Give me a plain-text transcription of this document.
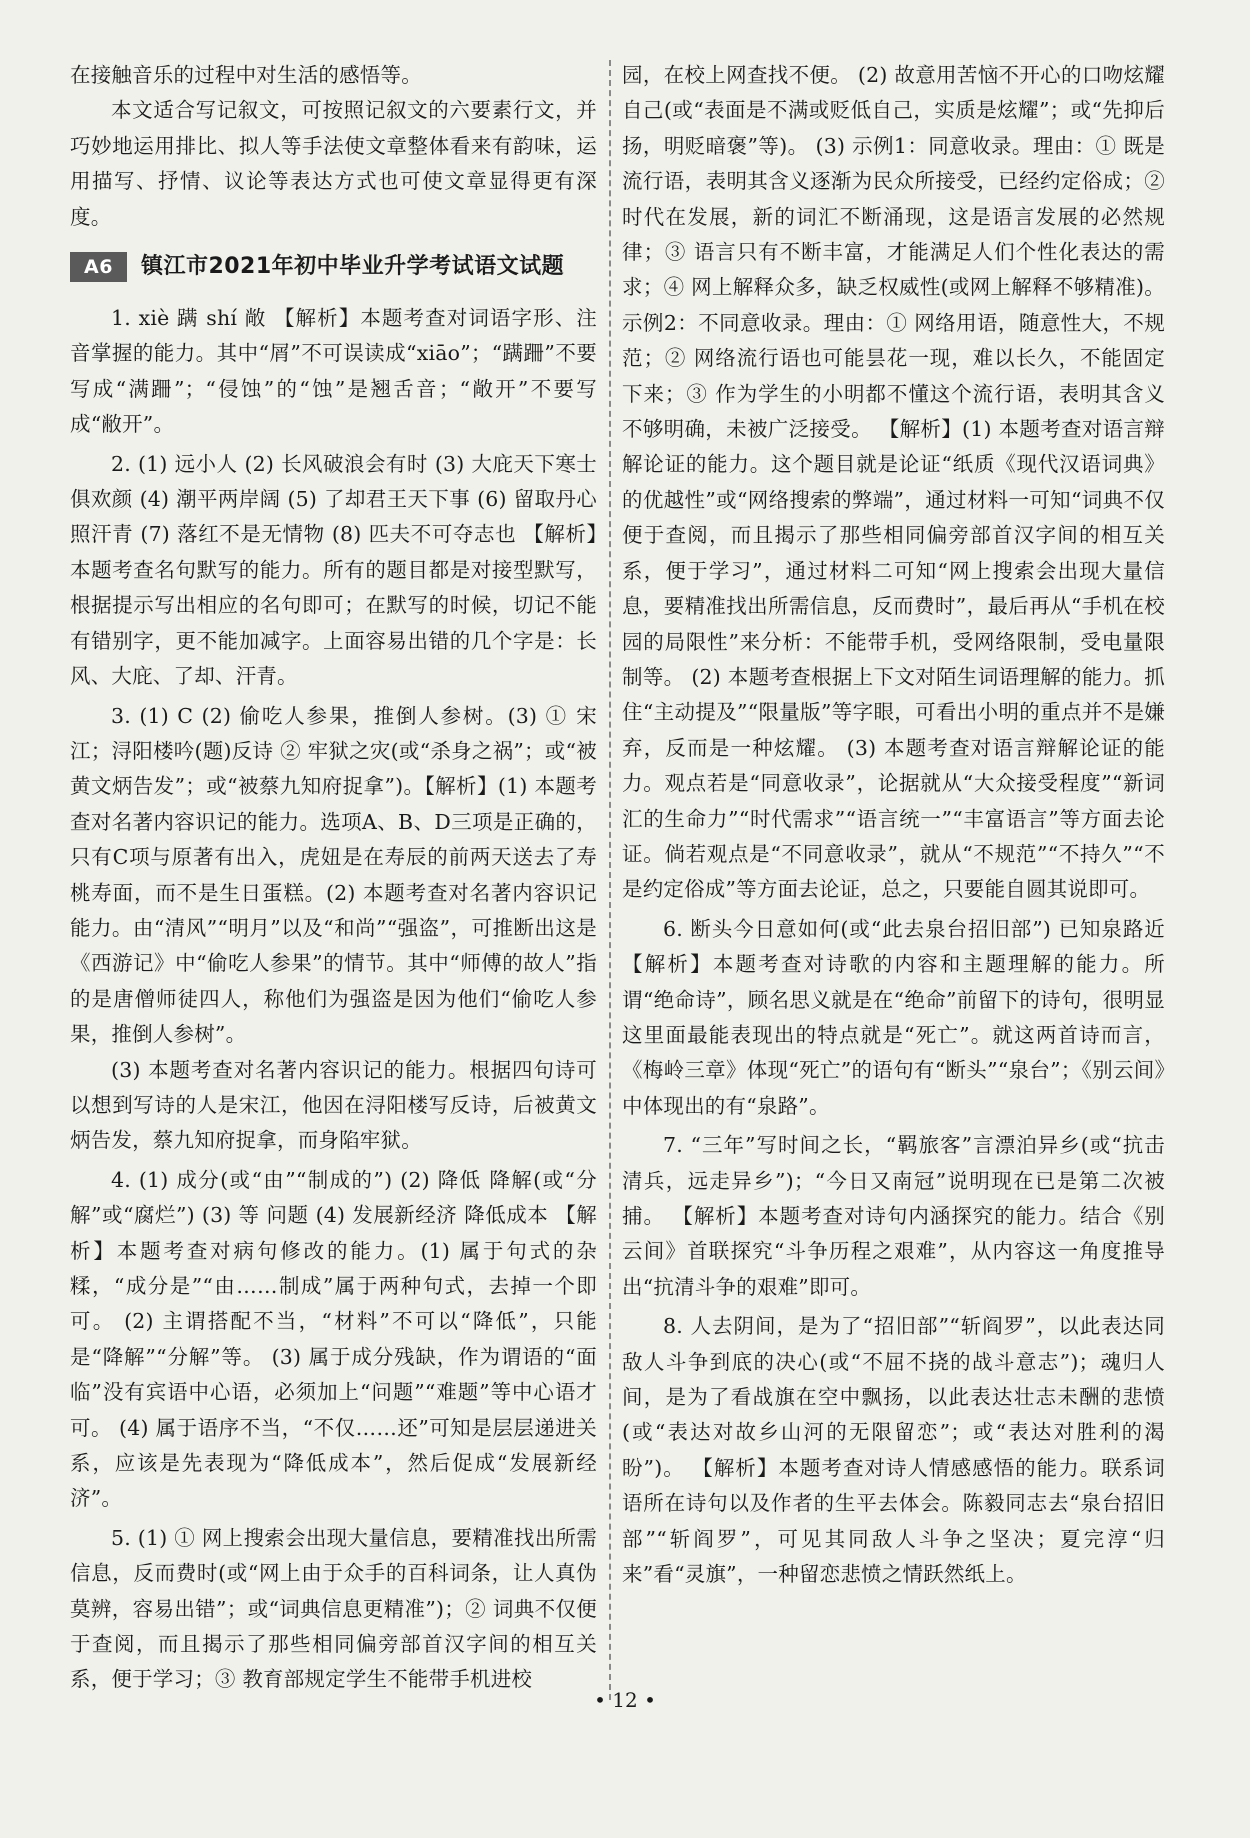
在接触音乐的过程中对生活的感悟等。

本文适合写记叙文，可按照记叙文的六要素行文，并巧妙地运用排比、拟人等手法使文章整体看来有韵味，运用描写、抒情、议论等表达方式也可使文章显得更有深度。

A6	镇江市2021年初中毕业升学考试语文试题

1. xiè 蹒 shí 敞 【解析】本题考查对词语字形、注音掌握的能力。其中“屑”不可误读成“xiāo”；“蹒跚”不要写成“满跚”；“侵蚀”的“蚀”是翘舌音；“敞开”不要写成“敝开”。

2. (1) 远小人 (2) 长风破浪会有时 (3) 大庇天下寒士俱欢颜 (4) 潮平两岸阔 (5) 了却君王天下事 (6) 留取丹心照汗青 (7) 落红不是无情物 (8) 匹夫不可夺志也 【解析】本题考查名句默写的能力。所有的题目都是对接型默写，根据提示写出相应的名句即可；在默写的时候，切记不能有错别字，更不能加减字。上面容易出错的几个字是：长风、大庇、了却、汗青。

3. (1) C (2) 偷吃人参果，推倒人参树。(3) ① 宋江；浔阳楼吟(题)反诗 ② 牢狱之灾(或“杀身之祸”；或“被黄文炳告发”；或“被蔡九知府捉拿”)。【解析】(1) 本题考查对名著内容识记的能力。选项A、B、D三项是正确的，只有C项与原著有出入，虎妞是在寿辰的前两天送去了寿桃寿面，而不是生日蛋糕。(2) 本题考查对名著内容识记能力。由“清风”“明月”以及“和尚”“强盗”，可推断出这是《西游记》中“偷吃人参果”的情节。其中“师傅的故人”指的是唐僧师徒四人，称他们为强盗是因为他们“偷吃人参果，推倒人参树”。

(3) 本题考查对名著内容识记的能力。根据四句诗可以想到写诗的人是宋江，他因在浔阳楼写反诗，后被黄文炳告发，蔡九知府捉拿，而身陷牢狱。

4. (1) 成分(或“由”“制成的”) (2) 降低 降解(或“分解”或“腐烂”) (3) 等 问题 (4) 发展新经济 降低成本 【解析】本题考查对病句修改的能力。(1) 属于句式的杂糅，“成分是”“由……制成”属于两种句式，去掉一个即可。 (2) 主谓搭配不当，“材料”不可以“降低”，只能是“降解”“分解”等。 (3) 属于成分残缺，作为谓语的“面临”没有宾语中心语，必须加上“问题”“难题”等中心语才可。 (4) 属于语序不当，“不仅……还”可知是层层递进关系，应该是先表现为“降低成本”，然后促成“发展新经济”。

5. (1) ① 网上搜索会出现大量信息，要精准找出所需信息，反而费时(或“网上由于众手的百科词条，让人真伪莫辨，容易出错”；或“词典信息更精准”)；② 词典不仅便于查阅，而且揭示了那些相同偏旁部首汉字间的相互关系，便于学习；③ 教育部规定学生不能带手机进校

园，在校上网查找不便。 (2) 故意用苦恼不开心的口吻炫耀自己(或“表面是不满或贬低自己，实质是炫耀”；或“先抑后扬，明贬暗褒”等)。 (3) 示例1：同意收录。理由：① 既是流行语，表明其含义逐渐为民众所接受，已经约定俗成；② 时代在发展，新的词汇不断涌现，这是语言发展的必然规律；③ 语言只有不断丰富，才能满足人们个性化表达的需求；④ 网上解释众多，缺乏权威性(或网上解释不够精准)。 示例2：不同意收录。理由：① 网络用语，随意性大，不规范；② 网络流行语也可能昙花一现，难以长久，不能固定下来；③ 作为学生的小明都不懂这个流行语，表明其含义不够明确，未被广泛接受。 【解析】(1) 本题考查对语言辩解论证的能力。这个题目就是论证“纸质《现代汉语词典》的优越性”或“网络搜索的弊端”，通过材料一可知“词典不仅便于查阅，而且揭示了那些相同偏旁部首汉字间的相互关系，便于学习”，通过材料二可知“网上搜索会出现大量信息，要精准找出所需信息，反而费时”，最后再从“手机在校园的局限性”来分析：不能带手机，受网络限制，受电量限制等。 (2) 本题考查根据上下文对陌生词语理解的能力。抓住“主动提及”“限量版”等字眼，可看出小明的重点并不是嫌弃，反而是一种炫耀。 (3) 本题考查对语言辩解论证的能力。观点若是“同意收录”，论据就从“大众接受程度”“新词汇的生命力”“时代需求”“语言统一”“丰富语言”等方面去论证。倘若观点是“不同意收录”，就从“不规范”“不持久”“不是约定俗成”等方面去论证，总之，只要能自圆其说即可。

6. 断头今日意如何(或“此去泉台招旧部”) 已知泉路近 【解析】本题考查对诗歌的内容和主题理解的能力。所谓“绝命诗”，顾名思义就是在“绝命”前留下的诗句，很明显这里面最能表现出的特点就是“死亡”。就这两首诗而言，《梅岭三章》体现“死亡”的语句有“断头”“泉台”；《别云间》中体现出的有“泉路”。

7. “三年”写时间之长，“羁旅客”言漂泊异乡(或“抗击清兵，远走异乡”)；“今日又南冠”说明现在已是第二次被捕。 【解析】本题考查对诗句内涵探究的能力。结合《别云间》首联探究“斗争历程之艰难”，从内容这一角度推导出“抗清斗争的艰难”即可。

8. 人去阴间，是为了“招旧部”“斩阎罗”，以此表达同敌人斗争到底的决心(或“不屈不挠的战斗意志”)；魂归人间，是为了看战旗在空中飘扬，以此表达壮志未酬的悲愤(或“表达对故乡山河的无限留恋”；或“表达对胜利的渴盼”)。 【解析】本题考查对诗人情感感悟的能力。联系词语所在诗句以及作者的生平去体会。陈毅同志去“泉台招旧部”“斩阎罗”，可见其同敌人斗争之坚决；夏完淳“归来”看“灵旗”，一种留恋悲愤之情跃然纸上。

• 12 •
